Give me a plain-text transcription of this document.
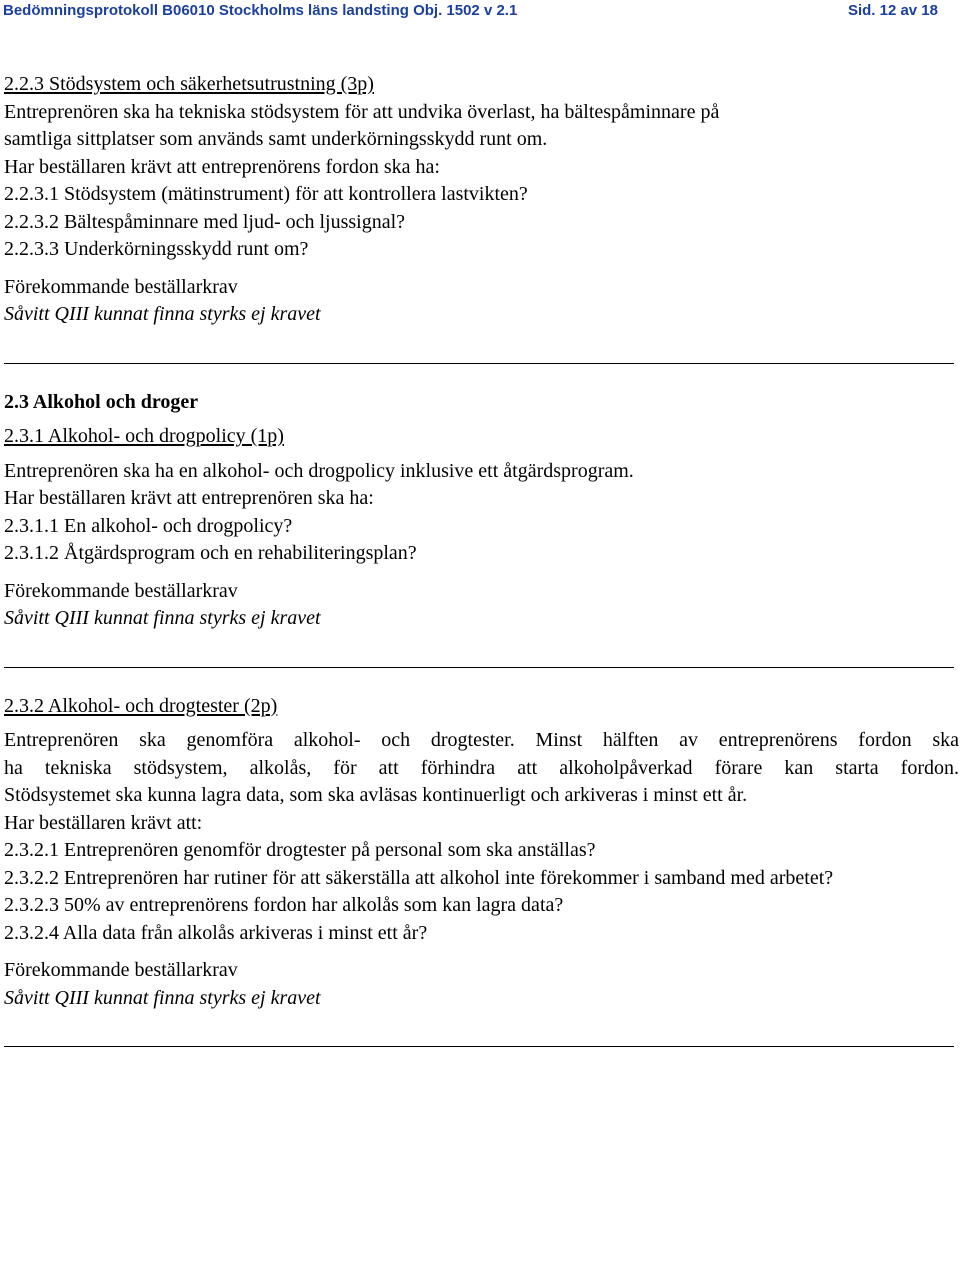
Bedömningsprotokoll B06010 Stockholms läns landsting Obj. 1502 v 2.1	Sid. 12 av 18
2.2.3 Stödsystem och säkerhetsutrustning (3p)
Entreprenören ska ha tekniska stödsystem för att undvika överlast, ha bältespåminnare på
samtliga sittplatser som används samt underkörningsskydd runt om.
Har beställaren krävt att entreprenörens fordon ska ha:
2.2.3.1 Stödsystem (mätinstrument) för att kontrollera lastvikten?
2.2.3.2 Bältespåminnare med ljud- och ljussignal?
2.2.3.3 Underkörningsskydd runt om?
Förekommande beställarkrav
Såvitt QIII kunnat finna styrks ej kravet
2.3 Alkohol och droger
2.3.1 Alkohol- och drogpolicy (1p)
Entreprenören ska ha en alkohol- och drogpolicy inklusive ett åtgärdsprogram.
Har beställaren krävt att entreprenören ska ha:
2.3.1.1 En alkohol- och drogpolicy?
2.3.1.2 Åtgärdsprogram och en rehabiliteringsplan?
Förekommande beställarkrav
Såvitt QIII kunnat finna styrks ej kravet
2.3.2 Alkohol- och drogtester (2p)
Entreprenören ska genomföra alkohol- och drogtester. Minst hälften av entreprenörens fordon ska
ha tekniska stödsystem, alkolås, för att förhindra att alkoholpåverkad förare kan starta fordon.
Stödsystemet ska kunna lagra data, som ska avläsas kontinuerligt och arkiveras i minst ett år.
Har beställaren krävt att:
2.3.2.1 Entreprenören genomför drogtester på personal som ska anställas?
2.3.2.2 Entreprenören har rutiner för att säkerställa att alkohol inte förekommer i samband med arbetet?
2.3.2.3 50% av entreprenörens fordon har alkolås som kan lagra data?
2.3.2.4 Alla data från alkolås arkiveras i minst ett år?
Förekommande beställarkrav
Såvitt QIII kunnat finna styrks ej kravet
